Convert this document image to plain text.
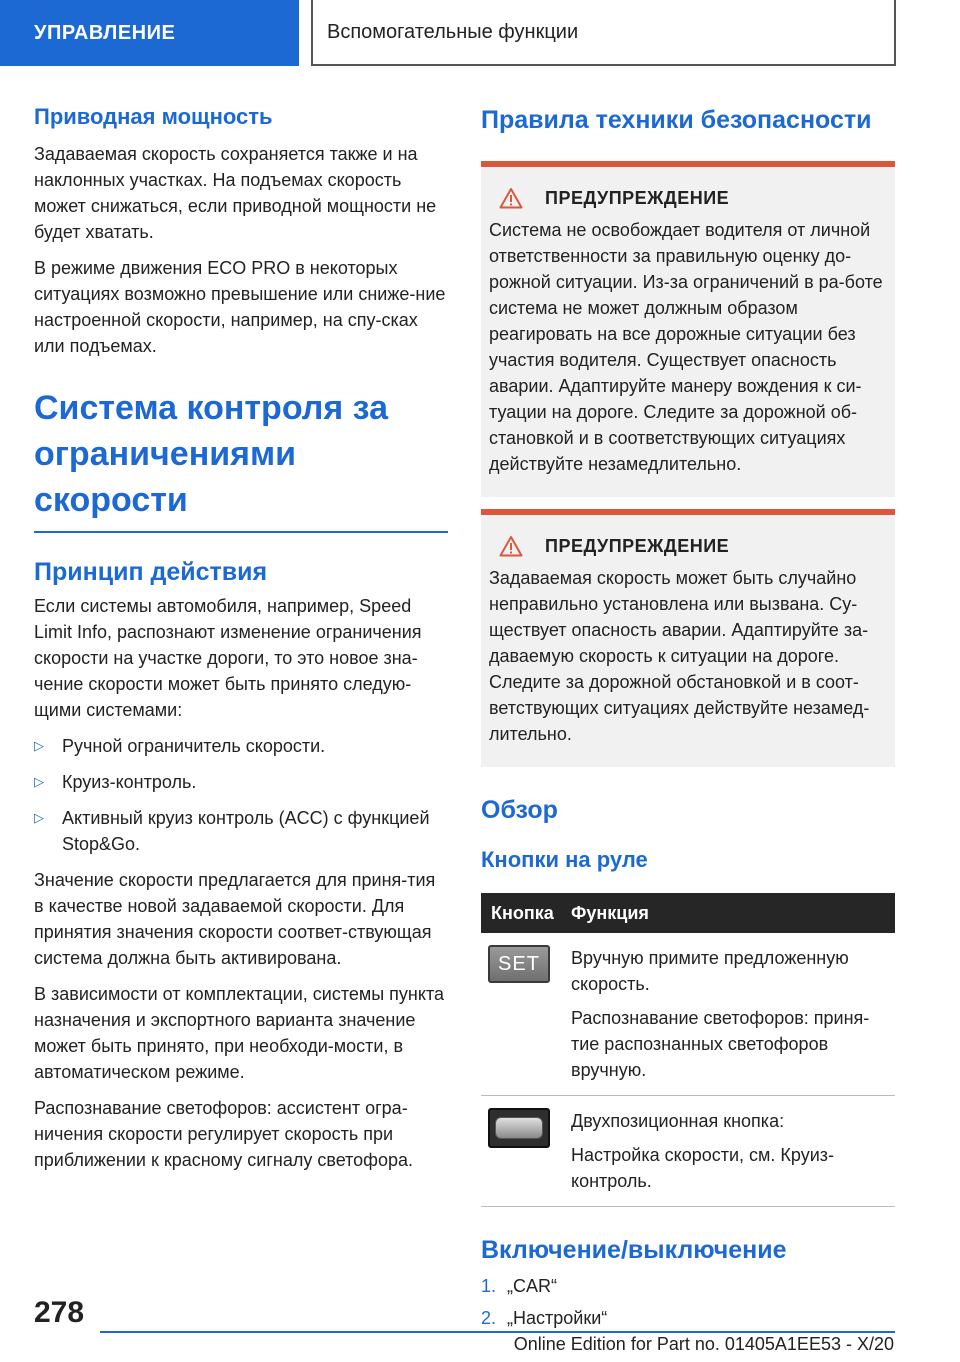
УПРАВЛЕНИЕ	Вспомогательные функции
Приводная мощность
Задаваемая скорость сохраняется также и на наклонных участках. На подъемах скорость может снижаться, если приводной мощности не будет хватать.
В режиме движения ECO PRO в некоторых ситуациях возможно превышение или сниже-ние настроенной скорости, например, на спу-сках или подъемах.
Система контроля за ограничениями скорости
Принцип действия
Если системы автомобиля, например, Speed Limit Info, распознают изменение ограничения скорости на участке дороги, то это новое зна-чение скорости может быть принято следую-щими системами:
▷	Ручной ограничитель скорости.
▷	Круиз-контроль.
▷	Активный круиз контроль (ACC) с функцией Stop&Go.
Значение скорости предлагается для приня-тия в качестве новой задаваемой скорости. Для принятия значения скорости соответ-ствующая система должна быть активирована.
В зависимости от комплектации, системы пункта назначения и экспортного варианта значение может быть принято, при необходи-мости, в автоматическом режиме.
Распознавание светофоров: ассистент огра-ничения скорости регулирует скорость при приближении к красному сигналу светофора.
Правила техники безопасности
ПРЕДУПРЕЖДЕНИЕ
Система не освобождает водителя от личной ответственности за правильную оценку до-рожной ситуации. Из-за ограничений в ра-боте система не может должным образом реагировать на все дорожные ситуации без участия водителя. Существует опасность аварии. Адаптируйте манеру вождения к си-туации на дороге. Следите за дорожной об-становкой и в соответствующих ситуациях действуйте незамедлительно.
ПРЕДУПРЕЖДЕНИЕ
Задаваемая скорость может быть случайно неправильно установлена или вызвана. Су-ществует опасность аварии. Адаптируйте за-даваемую скорость к ситуации на дороге. Следите за дорожной обстановкой и в соот-ветствующих ситуациях действуйте незамед-лительно.
Обзор
Кнопки на руле
Кнопка Функция
SET Вручную примите предложенную скорость.
Распознавание светофоров: приня-тие распознанных светофоров вручную.
Двухпозиционная кнопка:
Настройка скорости, см. Круиз-контроль.
Включение/выключение
1. „CAR“
2. „Настройки“
278
Online Edition for Part no. 01405A1EE53 - X/20
